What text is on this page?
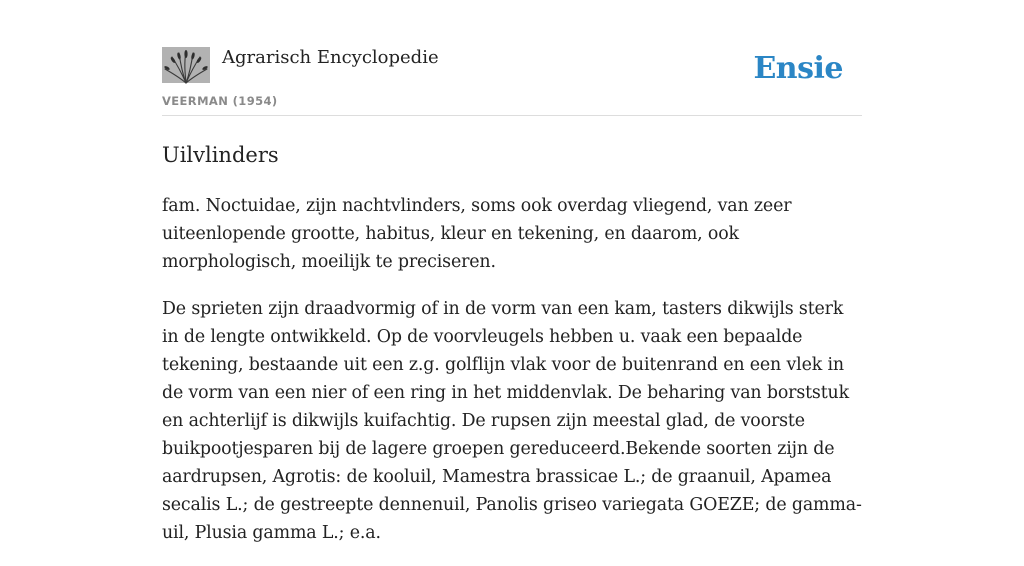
Agrarisch Encyclopedie
VEERMAN (1954)
Ensie
Uilvlinders

fam. Noctuidae, zijn nachtvlinders, soms ook overdag vliegend, van zeer uiteenlopende grootte, habitus, kleur en tekening, en daarom, ook morphologisch, moeilijk te preciseren.

De sprieten zijn draadvormig of in de vorm van een kam, tasters dikwijls sterk in de lengte ontwikkeld. Op de voorvleugels hebben u. vaak een bepaalde tekening, bestaande uit een z.g. golflijn vlak voor de buitenrand en een vlek in de vorm van een nier of een ring in het middenvlak. De beharing van borststuk en achterlijf is dikwijls kuifachtig. De rupsen zijn meestal glad, de voorste buikpootjesparen bij de lagere groepen gereduceerd.Bekende soorten zijn de aardrupsen, Agrotis: de kooluil, Mamestra brassicae L.; de graanuil, Apamea secalis L.; de gestreepte dennenuil, Panolis griseo variegata GOEZE; de gamma-uil, Plusia gamma L.; e.a.
